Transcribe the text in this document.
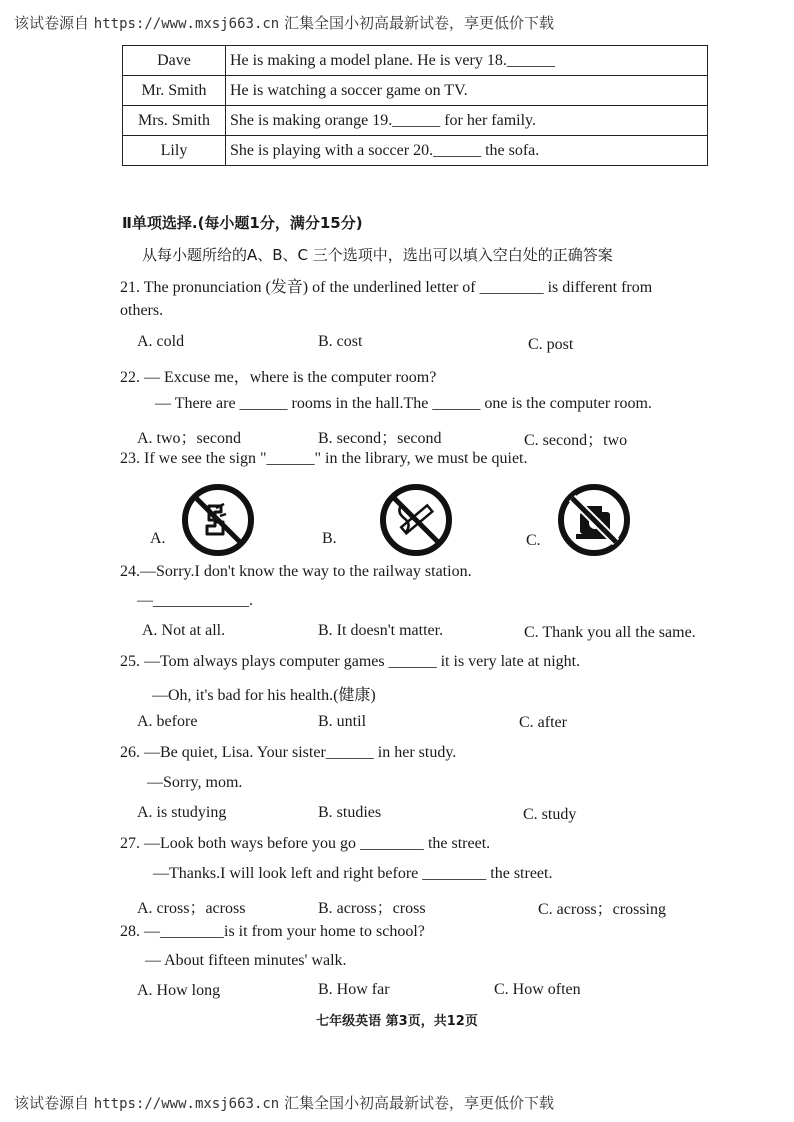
该试卷源自 https://www.mxsj663.cn 汇集全国小初高最新试卷，享更低价下载
Dave	He is making a model plane. He is very 18.______
Mr. Smith	He is watching a soccer game on TV.
Mrs. Smith	She is making orange 19.______ for her family.
Lily	She is playing with a soccer 20.______ the sofa.
Ⅱ单项选择.(每小题1分，满分15分)
从每小题所给的A、B、C 三个选项中，选出可以填入空白处的正确答案
21. The pronunciation (发音) of the underlined letter of ________ is different from
others.
A. cold	B. cost	C. post
22. — Excuse me，where is the computer room?
— There are ______ rooms in the hall.The ______ one is the computer room.
A. two；second	B. second；second	C. second；two
23. If we see the sign "______" in the library, we must be quiet.
A.	B.	C.
24.—Sorry.I don't know the way to the railway station.
—____________.
A. Not at all.	B. It doesn't matter.	C. Thank you all the same.
25. —Tom always plays computer games ______ it is very late at night.
—Oh, it's bad for his health.(健康)
A. before	B. until	C. after
26. —Be quiet, Lisa. Your sister______ in her study.
—Sorry, mom.
A. is studying	B. studies	C. study
27. —Look both ways before you go ________ the street.
—Thanks.I will look left and right before ________ the street.
A. cross；across	B. across；cross	C. across；crossing
28. —________is it from your home to school?
— About fifteen minutes' walk.
A. How long	B. How far	C. How often
七年级英语 第3页，共12页
该试卷源自 https://www.mxsj663.cn 汇集全国小初高最新试卷，享更低价下载
